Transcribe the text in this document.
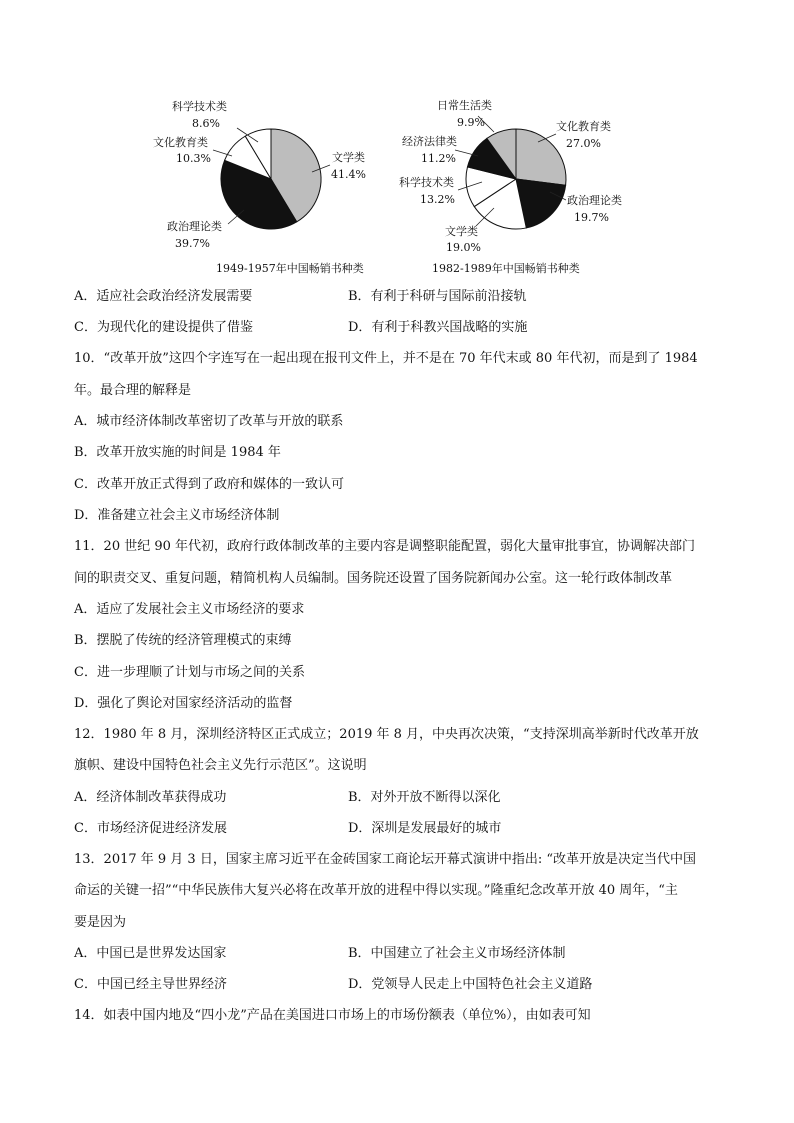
科学技术类
8.6%
文化教育类
10.3%	文学类
41.4%
政治理论类
39.7%
1949-1957年中国畅销书种类
日常生活类
9.9%
经济法律类
11.2%
科学技术类
13.2%
文学类
19.0%
文化教育类
27.0%
政治理论类
19.7%
1982-1989年中国畅销书种类
A．适应社会政治经济发展需要	B．有利于科研与国际前沿接轨
C．为现代化的建设提供了借鉴	D．有利于科教兴国战略的实施
10．“改革开放”这四个字连写在一起出现在报刊文件上，并不是在 70 年代末或 80 年代初，而是到了 1984
年。最合理的解释是
A．城市经济体制改革密切了改革与开放的联系
B．改革开放实施的时间是 1984 年
C．改革开放正式得到了政府和媒体的一致认可
D．准备建立社会主义市场经济体制
11．20 世纪 90 年代初，政府行政体制改革的主要内容是调整职能配置，弱化大量审批事宜，协调解决部门
间的职责交叉、重复问题，精简机构人员编制。国务院还设置了国务院新闻办公室。这一轮行政体制改革
A．适应了发展社会主义市场经济的要求
B．摆脱了传统的经济管理模式的束缚
C．进一步理顺了计划与市场之间的关系
D．强化了舆论对国家经济活动的监督
12．1980 年 8 月，深圳经济特区正式成立；2019 年 8 月，中央再次决策，“支持深圳高举新时代改革开放
旗帜、建设中国特色社会主义先行示范区”。这说明
A．经济体制改革获得成功	B．对外开放不断得以深化
C．市场经济促进经济发展	D．深圳是发展最好的城市
13．2017 年 9 月 3 日，国家主席习近平在金砖国家工商论坛开幕式演讲中指出: “改革开放是决定当代中国
命运的关键一招”“中华民族伟大复兴必将在改革开放的进程中得以实现。”隆重纪念改革开放 40 周年，“主
要是因为
A．中国已是世界发达国家	B．中国建立了社会主义市场经济体制
C．中国已经主导世界经济	D．党领导人民走上中国特色社会主义道路
14．如表中国内地及“四小龙”产品在美国进口市场上的市场份额表（单位%），由如表可知
